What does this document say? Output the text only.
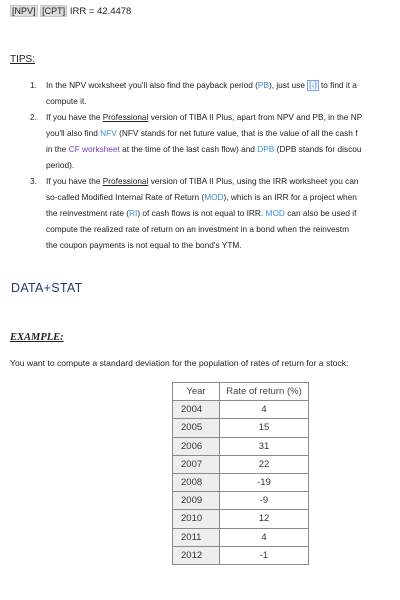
[NPV] [CPT] IRR = 42.4478
TIPS:
1. In the NPV worksheet you'll also find the payback period (PB), just use [↓] to find it a
compute it.
2. If you have the Professional version of TIBA II Plus, apart from NPV and PB, in the NP
you'll also find NFV (NFV stands for net future value, that is the value of all the cash f
in the CF worksheet at the time of the last cash flow) and DPB (DPB stands for discou
period).
3. If you have the Professional version of TIBA II Plus, using the IRR worksheet you can
so-called Modified Internal Rate of Return (MOD), which is an IRR for a project when
the reinvestment rate (RI) of cash flows is not equal to IRR. MOD can also be used if
compute the realized rate of return on an investment in a bond when the reinvestm
the coupon payments is not equal to the bond's YTM.
DATA+STAT
EXAMPLE:
You want to compute a standard deviation for the population of rates of return for a stock:
Year	Rate of return (%)
2004	4
2005	15
2006	31
2007	22
2008	-19
2009	-9
2010	12
2011	4
2012	-1
